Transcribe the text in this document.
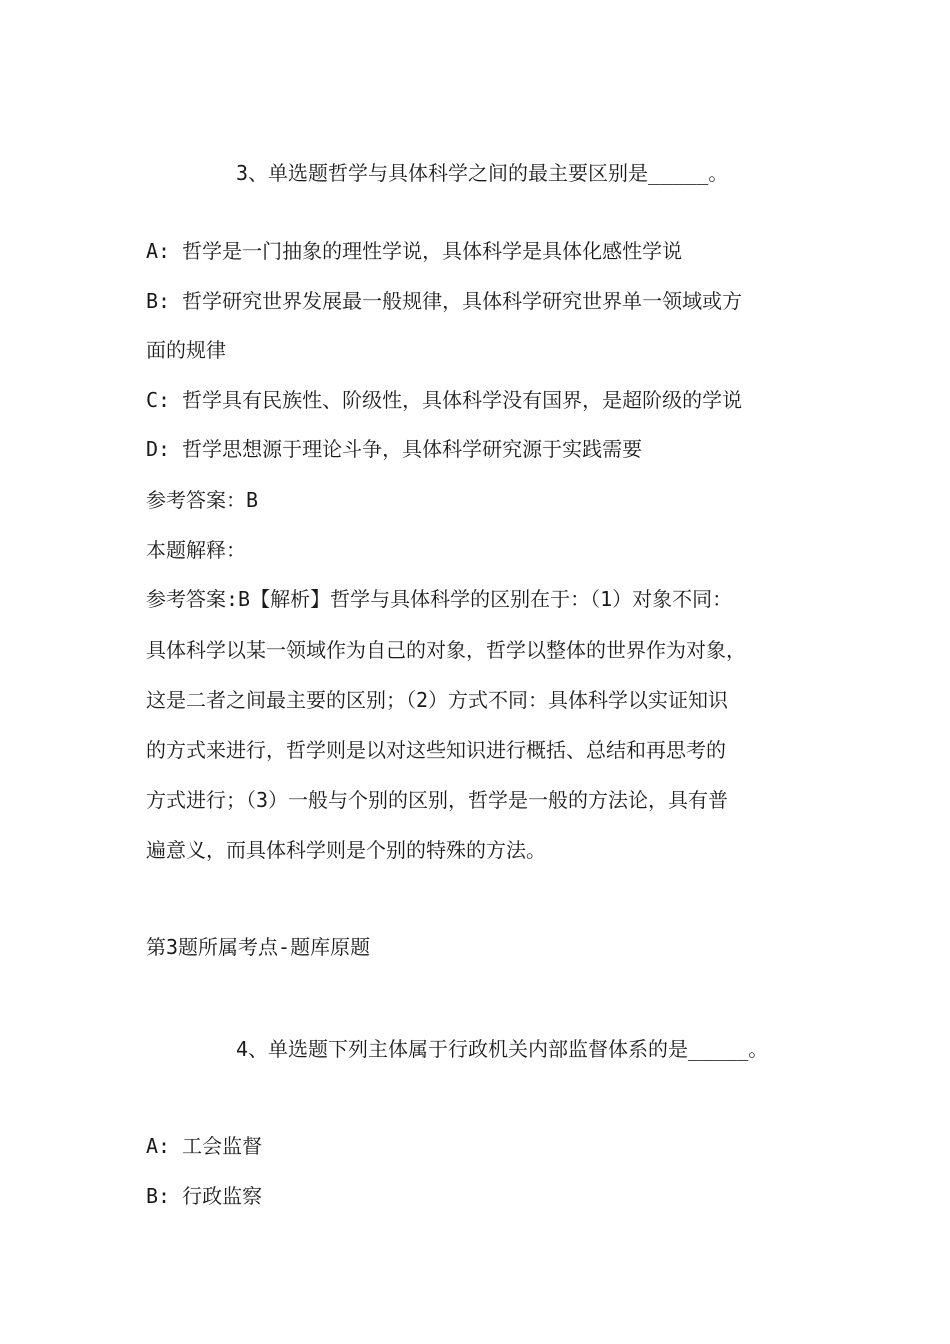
3、单选题哲学与具体科学之间的最主要区别是_____。
A: 哲学是一门抽象的理性学说，具体科学是具体化感性学说
B: 哲学研究世界发展最一般规律，具体科学研究世界单一领域或方
面的规律
C: 哲学具有民族性、阶级性，具体科学没有国界，是超阶级的学说
D: 哲学思想源于理论斗争，具体科学研究源于实践需要
参考答案：B
本题解释：
参考答案:B【解析】哲学与具体科学的区别在于：（1）对象不同：
具体科学以某一领域作为自己的对象，哲学以整体的世界作为对象，
这是二者之间最主要的区别；（2）方式不同：具体科学以实证知识
的方式来进行，哲学则是以对这些知识进行概括、总结和再思考的
方式进行；（3）一般与个别的区别，哲学是一般的方法论，具有普
遍意义，而具体科学则是个别的特殊的方法。
第3题所属考点-题库原题
4、单选题下列主体属于行政机关内部监督体系的是_____。
A: 工会监督
B: 行政监察
